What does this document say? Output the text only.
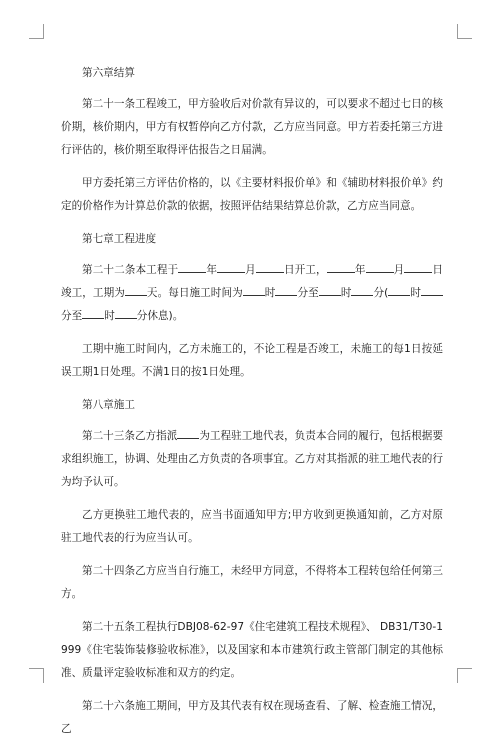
第六章结算

第二十一条工程竣工，甲方验收后对价款有异议的，可以要求不超过七日的核价期，核价期内，甲方有权暂停向乙方付款，乙方应当同意。甲方若委托第三方进行评估的，核价期至取得评估报告之日届满。

甲方委托第三方评估价格的，以《主要材料报价单》和《辅助材料报价单》约定的价格作为计算总价款的依据，按照评估结果结算总价款，乙方应当同意。

第七章工程进度

第二十二条本工程于	年	月	日开工，	年	月	日竣工，工期为 天。每日施工时间为 时 分至 时 分( 时分至 时 分休息)。

工期中施工时间内，乙方未施工的，不论工程是否竣工，未施工的每1日按延误工期1日处理。不满1日的按1日处理。

第八章施工

第二十三条乙方指派 为工程驻工地代表，负责本合同的履行，包括根据要求组织施工，协调、处理由乙方负责的各项事宜。乙方对其指派的驻工地代表的行为均予认可。

乙方更换驻工地代表的，应当书面通知甲方;甲方收到更换通知前，乙方对原驻工地代表的行为应当认可。

第二十四条乙方应当自行施工，未经甲方同意，不得将本工程转包给任何第三方。

第二十五条工程执行DBJ08-62-97《住宅建筑工程技术规程》、 DB31/T30-1999《住宅装饰装修验收标准》，以及国家和本市建筑行政主管部门制定的其他标准、质量评定验收标准和双方的约定。

第二十六条施工期间，甲方及其代表有权在现场查看、了解、检查施工情况，乙
